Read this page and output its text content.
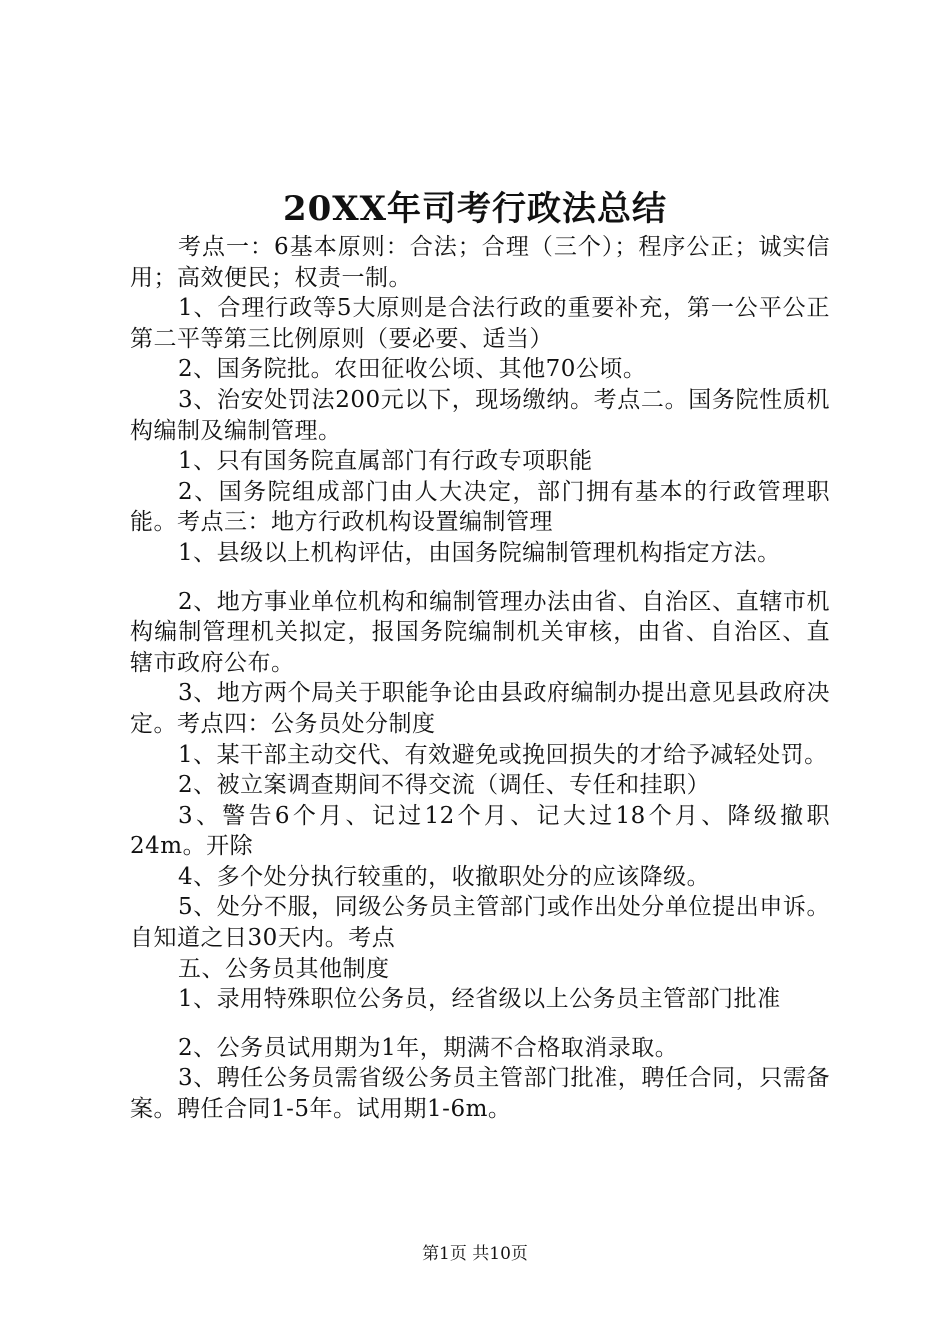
20XX年司考行政法总结

考点一：6基本原则：合法；合理（三个）；程序公正；诚实信用；高效便民；权责一制。

1、合理行政等5大原则是合法行政的重要补充，第一公平公正第二平等第三比例原则（要必要、适当）

2、国务院批。农田征收公顷、其他70公顷。

3、治安处罚法200元以下，现场缴纳。考点二。国务院性质机构编制及编制管理。

1、只有国务院直属部门有行政专项职能

2、国务院组成部门由人大决定，部门拥有基本的行政管理职能。考点三：地方行政机构设置编制管理

1、县级以上机构评估，由国务院编制管理机构指定方法。

2、地方事业单位机构和编制管理办法由省、自治区、直辖市机构编制管理机关拟定，报国务院编制机关审核，由省、自治区、直辖市政府公布。

3、地方两个局关于职能争论由县政府编制办提出意见县政府决定。考点四：公务员处分制度

1、某干部主动交代、有效避免或挽回损失的才给予减轻处罚。

2、被立案调查期间不得交流（调任、专任和挂职）

3、警告6个月、记过12个月、记大过18个月、降级撤职24m。开除

4、多个处分执行较重的，收撤职处分的应该降级。

5、处分不服，同级公务员主管部门或作出处分单位提出申诉。自知道之日30天内。考点

五、公务员其他制度

1、录用特殊职位公务员，经省级以上公务员主管部门批准

2、公务员试用期为1年，期满不合格取消录取。

3、聘任公务员需省级公务员主管部门批准，聘任合同，只需备案。聘任合同1-5年。试用期1-6m。

第1页 共10页
